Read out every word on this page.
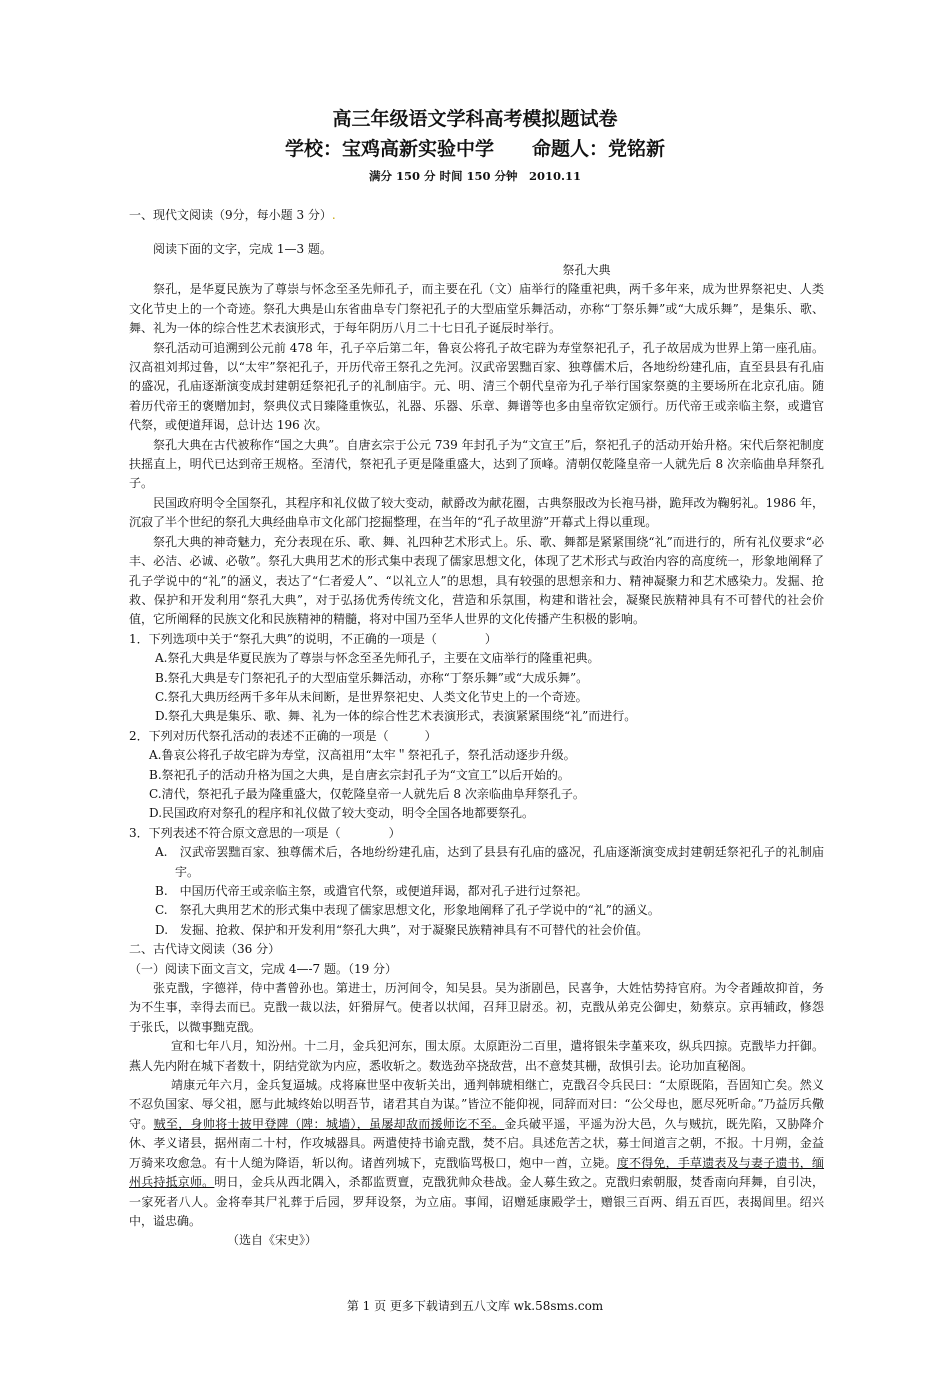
高三年级语文学科高考模拟题试卷
学校：宝鸡高新实验中学　　命题人：党铭新
满分 150 分 时间 150 分钟　2010.11

一、现代文阅读（9分，每小题 3 分）.

阅读下面的文字，完成 1—3 题。

祭孔大典

祭孔，是华夏民族为了尊崇与怀念至圣先师孔子，而主要在孔（文）庙举行的隆重祀典，两千多年来，成为世界祭祀史、人类文化节史上的一个奇迹。祭孔大典是山东省曲阜专门祭祀孔子的大型庙堂乐舞活动，亦称“丁祭乐舞”或“大成乐舞”，是集乐、歌、舞、礼为一体的综合性艺术表演形式，于每年阴历八月二十七日孔子诞辰时举行。

祭孔活动可追溯到公元前 478 年，孔子卒后第二年，鲁哀公将孔子故宅辟为寿堂祭祀孔子，孔子故居成为世界上第一座孔庙。汉高祖刘邦过鲁，以“太牢”祭祀孔子，开历代帝王祭孔之先河。汉武帝罢黜百家、独尊儒术后，各地纷纷建孔庙，直至县县有孔庙的盛况，孔庙逐渐演变成封建朝廷祭祀孔子的礼制庙宇。元、明、清三个朝代皇帝为孔子举行国家祭奠的主要场所在北京孔庙。随着历代帝王的褒赠加封，祭典仪式日臻隆重恢弘，礼器、乐器、乐章、舞谱等也多由皇帝钦定颁行。历代帝王或亲临主祭，或遣官代祭，或便道拜谒，总计达 196 次。

祭孔大典在古代被称作“国之大典”。自唐玄宗于公元 739 年封孔子为“文宣王”后，祭祀孔子的活动开始升格。宋代后祭祀制度扶摇直上，明代已达到帝王规格。至清代，祭祀孔子更是隆重盛大，达到了顶峰。清朝仅乾隆皇帝一人就先后 8 次亲临曲阜拜祭孔子。

民国政府明令全国祭孔，其程序和礼仪做了较大变动，献爵改为献花圈，古典祭服改为长袍马褂，跪拜改为鞠躬礼。1986 年，沉寂了半个世纪的祭孔大典经曲阜市文化部门挖掘整理，在当年的“孔子故里游”开幕式上得以重现。

祭孔大典的神奇魅力，充分表现在乐、歌、舞、礼四种艺术形式上。乐、歌、舞都是紧紧围绕“礼”而进行的，所有礼仪要求“必丰、必洁、必诚、必敬”。祭孔大典用艺术的形式集中表现了儒家思想文化，体现了艺术形式与政治内容的高度统一，形象地阐释了孔子学说中的“礼”的涵义，表达了“仁者爱人”、“以礼立人”的思想，具有较强的思想亲和力、精神凝聚力和艺术感染力。发掘、抢救、保护和开发利用“祭孔大典”，对于弘扬优秀传统文化，营造和乐氛围，构建和谐社会，凝聚民族精神具有不可替代的社会价值，它所阐释的民族文化和民族精神的精髓，将对中国乃至华人世界的文化传播产生积极的影响。

1．下列选项中关于“祭孔大典”的说明，不正确的一项是（　　　　）

A.祭孔大典是华夏民族为了尊崇与怀念至圣先师孔子，主要在文庙举行的隆重祀典。

B.祭孔大典是专门祭祀孔子的大型庙堂乐舞活动，亦称“丁祭乐舞”或“大成乐舞”。

C.祭孔大典历经两千多年从未间断，是世界祭祀史、人类文化节史上的一个奇迹。

D.祭孔大典是集乐、歌、舞、礼为一体的综合性艺术表演形式，表演紧紧围绕“礼”而进行。

2．下列对历代祭孔活动的表述不正确的一项是（　　　）

A.鲁哀公将孔子故宅辟为寿堂，汉高祖用“太牢＂祭祀孔子，祭孔活动逐步升级。

B.祭祀孔子的活动升格为国之大典，是自唐玄宗封孔子为“文宣工”以后开始的。

C.清代，祭祀孔子最为隆重盛大，仅乾隆皇帝一人就先后 8 次亲临曲阜拜祭孔子。

D.民国政府对祭孔的程序和礼仪做了较大变动，明令全国各地都要祭孔。

3．下列表述不符合原文意思的一项是（　　　　）

A.　汉武帝罢黜百家、独尊儒术后，各地纷纷建孔庙，达到了县县有孔庙的盛况，孔庙逐渐演变成封建朝廷祭祀孔子的礼制庙宇。

B.　中国历代帝王或亲临主祭，或遣官代祭，或便道拜谒，都对孔子进行过祭祀。

C.　祭孔大典用艺术的形式集中表现了儒家思想文化，形象地阐释了孔子学说中的“礼”的涵义。

D.　发掘、抢救、保护和开发利用“祭孔大典”，对于凝聚民族精神具有不可替代的社会价值。

二、古代诗文阅读（36 分）

（一）阅读下面文言文，完成 4—-7 题。（19 分）

张克戬，字德祥，侍中耆曾孙也。第进士，历河间令，知吴县。吴为浙剧邑，民喜争，大姓怙势持官府。为令者踵故抑首，务为不生事，幸得去而已。克戬一裁以法，奸猾屏气。使者以状闻，召拜卫尉丞。初，克戬从弟克公御史，劾蔡京。京再辅政，修怨于张氏，以微事黜克戬。

宣和七年八月，知汾州。十二月，金兵犯河东，围太原。太原距汾二百里，遣将银朱孛堇来攻，纵兵四掠。克戬毕力扞御。燕人先内附在城下者数十，阴结党欲为内应，悉收斩之。数选劲卒挠敌营，出不意焚其栅，敌惧引去。论功加直秘阁。

靖康元年六月，金兵复逼城。戍将麻世坚中夜斩关出，通判韩琥相继亡，克戬召令兵民曰：“太原既陷，吾固知亡矣。然义不忍负国家、辱父祖，愿与此城终始以明吾节，诸君其自为谋。”皆泣不能仰视，同辞而对曰：“公父母也，愿尽死听命。”乃益厉兵儆守。贼至，身帅将士披甲登陴（陴：城墙），虽屡却敌而援师讫不至。金兵破平遥，平遥为汾大邑，久与贼抗，既先陷，又胁降介休、孝义诸县，据州南二十村，作攻城器具。两遣使持书谕克戬，焚不启。具述危苦之状，募士间道言之朝，不报。十月朔，金益万骑来攻愈急。有十人缒为降语，斩以徇。诸酋列城下，克戬临骂极口，炮中一酋，立毙。度不得免，手草遗表及与妻子遗书，缅州兵持抵京师。明日，金兵从西北隅入，杀都监贾亶，克戬犹帅众巷战。金人募生致之。克戬归索朝服，焚香南向拜舞，自引决，一家死者八人。金将奉其尸礼葬于后园，罗拜设祭，为立庙。事闻，诏赠延康殿学士，赠银三百两、绢五百匹，表揭闾里。绍兴中，谥忠确。

（选自《宋史》）

第 1 页 更多下载请到五八文库 wk.58sms.com
